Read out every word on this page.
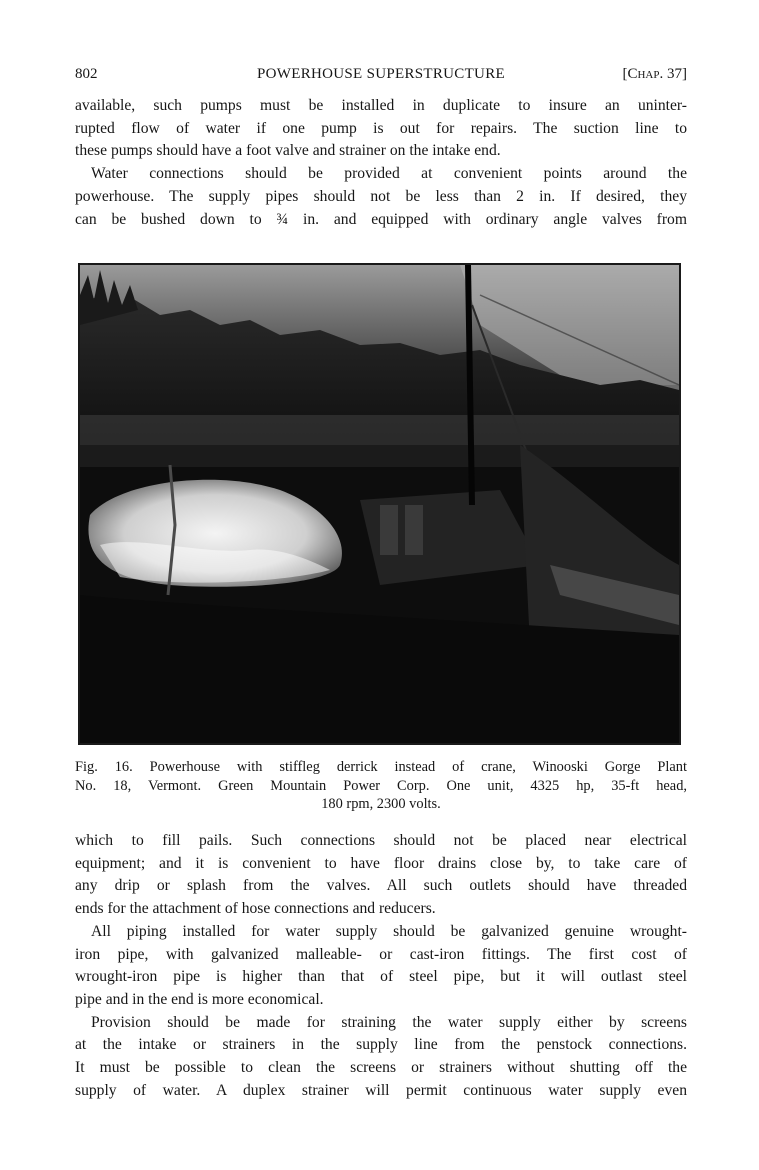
802	POWERHOUSE SUPERSTRUCTURE	[Chap. 37]
available, such pumps must be installed in duplicate to insure an uninter-
rupted flow of water if one pump is out for repairs. The suction line to
these pumps should have a foot valve and strainer on the intake end.
Water connections should be provided at convenient points around the
powerhouse. The supply pipes should not be less than 2 in. If desired, they
can be bushed down to ¾ in. and equipped with ordinary angle valves from
Fig. 16. Powerhouse with stiffleg derrick instead of crane, Winooski Gorge Plant
No. 18, Vermont. Green Mountain Power Corp. One unit, 4325 hp, 35-ft head,
180 rpm, 2300 volts.
which to fill pails. Such connections should not be placed near electrical
equipment; and it is convenient to have floor drains close by, to take care of
any drip or splash from the valves. All such outlets should have threaded
ends for the attachment of hose connections and reducers.
All piping installed for water supply should be galvanized genuine wrought-
iron pipe, with galvanized malleable- or cast-iron fittings. The first cost of
wrought-iron pipe is higher than that of steel pipe, but it will outlast steel
pipe and in the end is more economical.
Provision should be made for straining the water supply either by screens
at the intake or strainers in the supply line from the penstock connections.
It must be possible to clean the screens or strainers without shutting off the
supply of water. A duplex strainer will permit continuous water supply even
